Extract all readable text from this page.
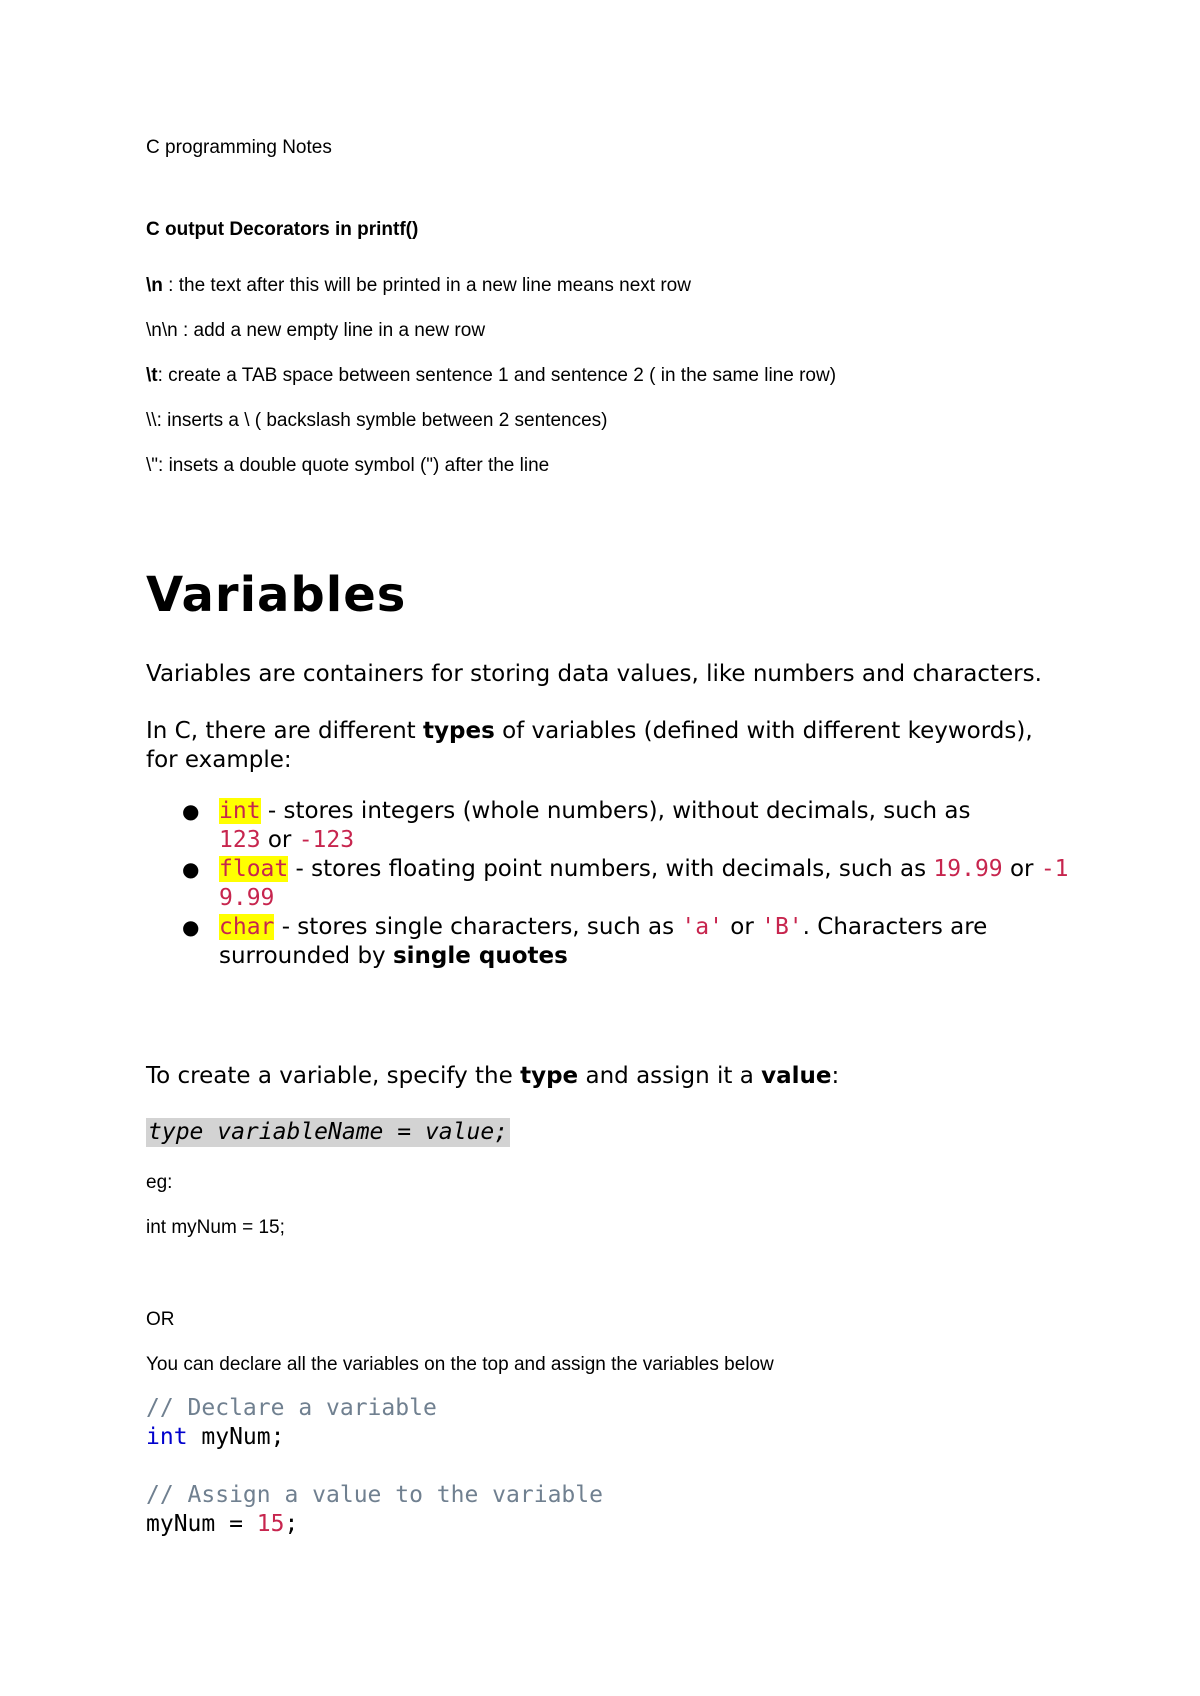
C programming Notes
C output Decorators in printf()
\n : the text after this will be printed in a new line means next row
\n\n : add a new empty line in a new row
\t: create a TAB space between sentence 1 and sentence 2 ( in the same line row)
\\: inserts a \ ( backslash symble between 2 sentences)
\": insets a double quote symbol (") after the line
Variables
Variables are containers for storing data values, like numbers and characters.
In C, there are different types of variables (defined with different keywords), for example:
● int - stores integers (whole numbers), without decimals, such as 123 or -123
● float - stores floating point numbers, with decimals, such as 19.99 or -19.99
● char - stores single characters, such as 'a' or 'B'. Characters are surrounded by single quotes
To create a variable, specify the type and assign it a value:
type variableName = value;
eg:
int myNum = 15;
OR
You can declare all the variables on the top and assign the variables below
// Declare a variable
int myNum;
// Assign a value to the variable
myNum = 15;
